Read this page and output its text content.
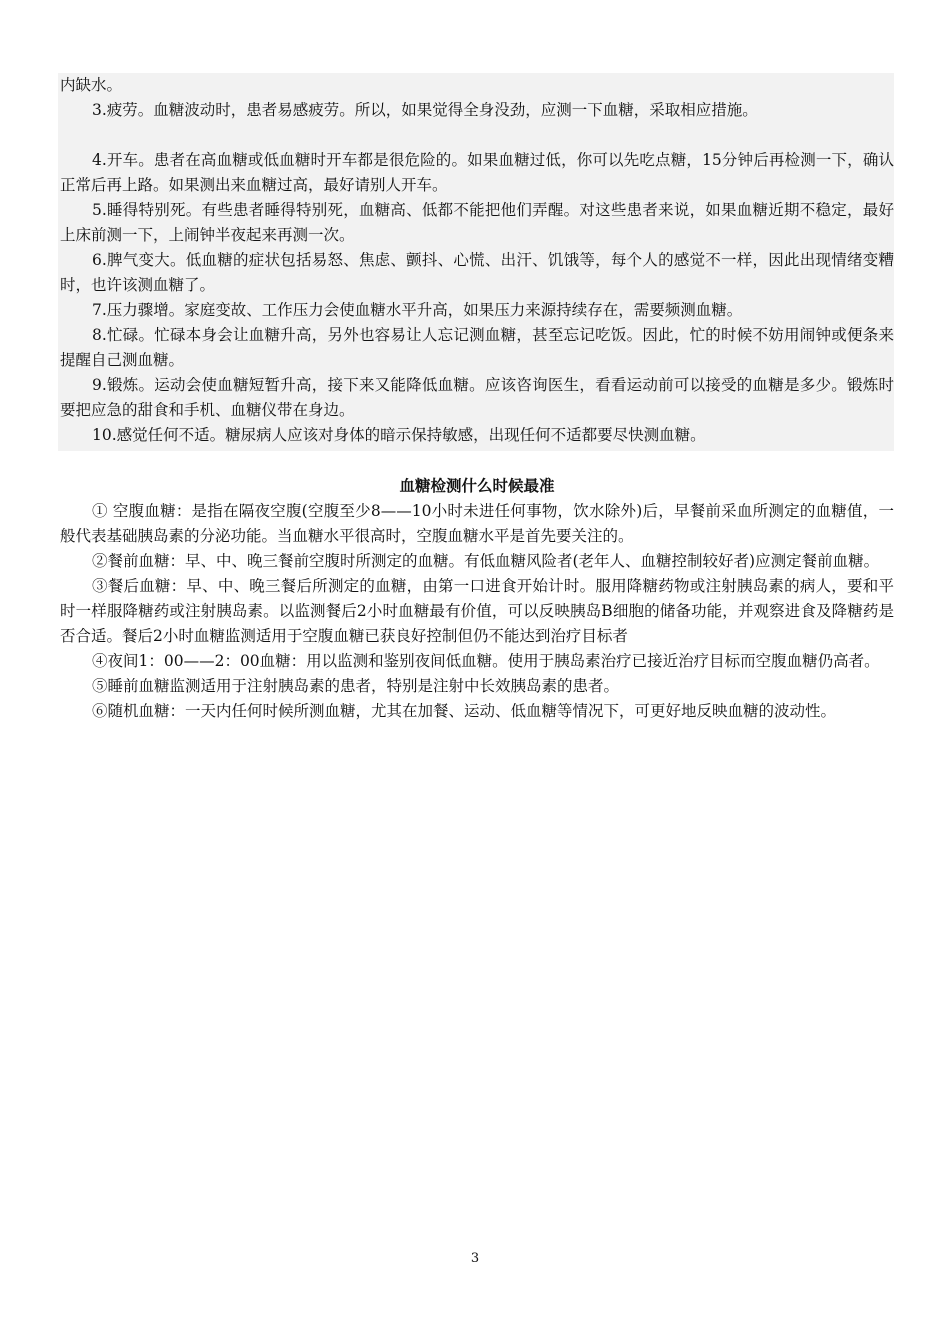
内缺水。

3.疲劳。血糖波动时，患者易感疲劳。所以，如果觉得全身没劲，应测一下血糖，采取相应措施。

4.开车。患者在高血糖或低血糖时开车都是很危险的。如果血糖过低，你可以先吃点糖，15分钟后再检测一下，确认正常后再上路。如果测出来血糖过高，最好请别人开车。

5.睡得特别死。有些患者睡得特别死，血糖高、低都不能把他们弄醒。对这些患者来说，如果血糖近期不稳定，最好上床前测一下，上闹钟半夜起来再测一次。

6.脾气变大。低血糖的症状包括易怒、焦虑、颤抖、心慌、出汗、饥饿等，每个人的感觉不一样，因此出现情绪变糟时，也许该测血糖了。

7.压力骤增。家庭变故、工作压力会使血糖水平升高，如果压力来源持续存在，需要频测血糖。

8.忙碌。忙碌本身会让血糖升高，另外也容易让人忘记测血糖，甚至忘记吃饭。因此，忙的时候不妨用闹钟或便条来提醒自己测血糖。

9.锻炼。运动会使血糖短暂升高，接下来又能降低血糖。应该咨询医生，看看运动前可以接受的血糖是多少。锻炼时要把应急的甜食和手机、血糖仪带在身边。

10.感觉任何不适。糖尿病人应该对身体的暗示保持敏感，出现任何不适都要尽快测血糖。

血糖检测什么时候最准

① 空腹血糖：是指在隔夜空腹(空腹至少8——10小时未进任何事物，饮水除外)后，早餐前采血所测定的血糖值，一般代表基础胰岛素的分泌功能。当血糖水平很高时，空腹血糖水平是首先要关注的。

②餐前血糖：早、中、晚三餐前空腹时所测定的血糖。有低血糖风险者(老年人、血糖控制较好者)应测定餐前血糖。

③餐后血糖：早、中、晚三餐后所测定的血糖，由第一口进食开始计时。服用降糖药物或注射胰岛素的病人，要和平时一样服降糖药或注射胰岛素。以监测餐后2小时血糖最有价值，可以反映胰岛B细胞的储备功能，并观察进食及降糖药是否合适。餐后2小时血糖监测适用于空腹血糖已获良好控制但仍不能达到治疗目标者

④夜间1：00——2：00血糖：用以监测和鉴别夜间低血糖。使用于胰岛素治疗已接近治疗目标而空腹血糖仍高者。

⑤睡前血糖监测适用于注射胰岛素的患者，特别是注射中长效胰岛素的患者。

⑥随机血糖：一天内任何时候所测血糖，尤其在加餐、运动、低血糖等情况下，可更好地反映血糖的波动性。

3
